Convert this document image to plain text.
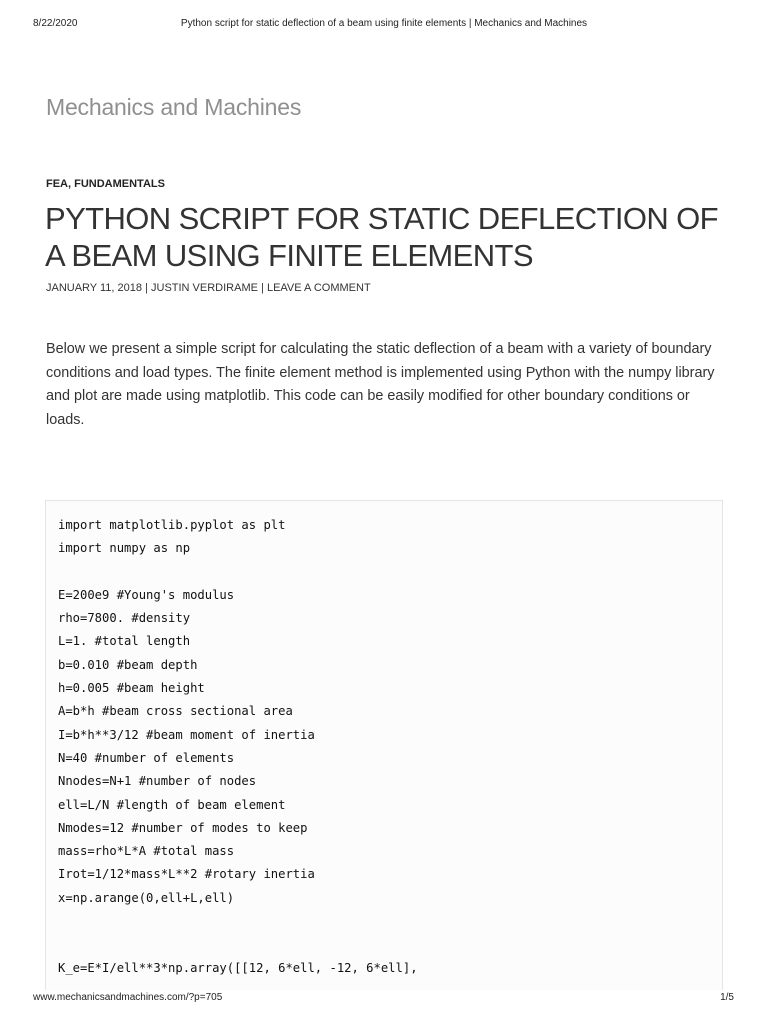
8/22/2020	Python script for static deflection of a beam using finite elements | Mechanics and Machines
Mechanics and Machines
FEA, FUNDAMENTALS
PYTHON SCRIPT FOR STATIC DEFLECTION OF A BEAM USING FINITE ELEMENTS
JANUARY 11, 2018 | JUSTIN VERDIRAME | LEAVE A COMMENT

Below we present a simple script for calculating the static deflection of a beam with a variety of boundary conditions and load types. The finite element method is implemented using Python with the numpy library and plot are made using matplotlib. This code can be easily modified for other boundary conditions or loads.

import matplotlib.pyplot as plt
import numpy as np
E=200e9 #Young's modulus
rho=7800. #density
L=1. #total length
b=0.010 #beam depth
h=0.005 #beam height
A=b*h #beam cross sectional area
I=b*h**3/12 #beam moment of inertia
N=40 #number of elements
Nnodes=N+1 #number of nodes
ell=L/N #length of beam element
Nmodes=12 #number of modes to keep
mass=rho*L*A #total mass
Irot=1/12*mass*L**2 #rotary inertia
x=np.arange(0,ell+L,ell)
K_e=E*I/ell**3*np.array([[12, 6*ell, -12, 6*ell],
www.mechanicsandmachines.com/?p=705	1/5
